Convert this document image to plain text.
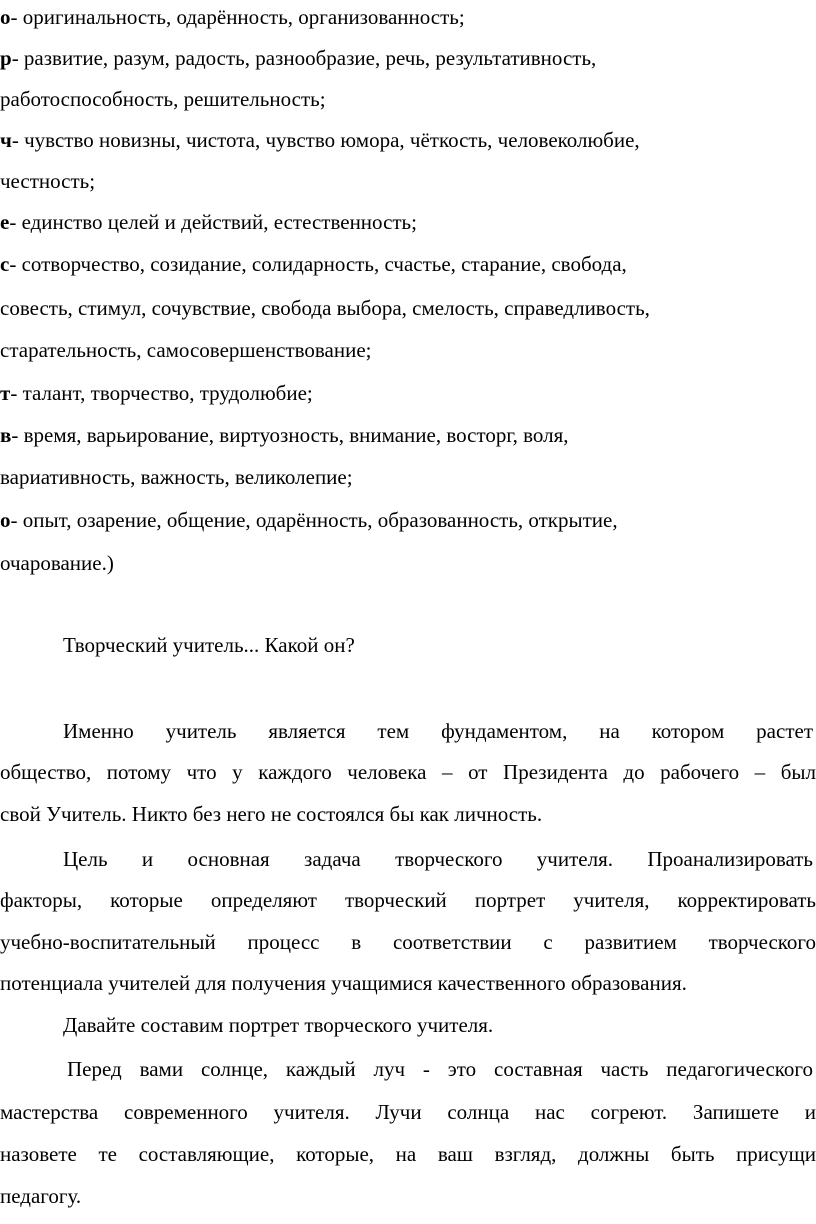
о- оригинальность, одарённость, организованность;
р- развитие, разум, радость, разнообразие, речь, результативность,
работоспособность, решительность;
ч- чувство новизны, чистота, чувство юмора, чёткость, человеколюбие,
честность;
е- единство целей и действий, естественность;
с- сотворчество, созидание, солидарность, счастье, старание, свобода,
совесть, стимул, сочувствие, свобода выбора, смелость, справедливость,
старательность, самосовершенствование;
т- талант, творчество, трудолюбие;
в- время, варьирование, виртуозность, внимание, восторг, воля,
вариативность, важность, великолепие;
о- опыт, озарение, общение, одарённость, образованность, открытие,
очарование.)
Творческий учитель... Какой он?
Именно учитель является тем фундаментом, на котором растет
общество, потому что у каждого человека – от Президента до рабочего – был
свой Учитель. Никто без него не состоялся бы как личность.
Цель и основная задача творческого учителя. Проанализировать
факторы, которые определяют творческий портрет учителя, корректировать
учебно-воспитательный процесс в соответствии с развитием творческого
потенциала учителей для получения учащимися качественного образования.
Давайте составим портрет творческого учителя.
Перед вами солнце, каждый луч - это составная часть педагогического
мастерства современного учителя. Лучи солнца нас согреют. Запишете и
назовете те составляющие, которые, на ваш взгляд, должны быть присущи
педагогу.
